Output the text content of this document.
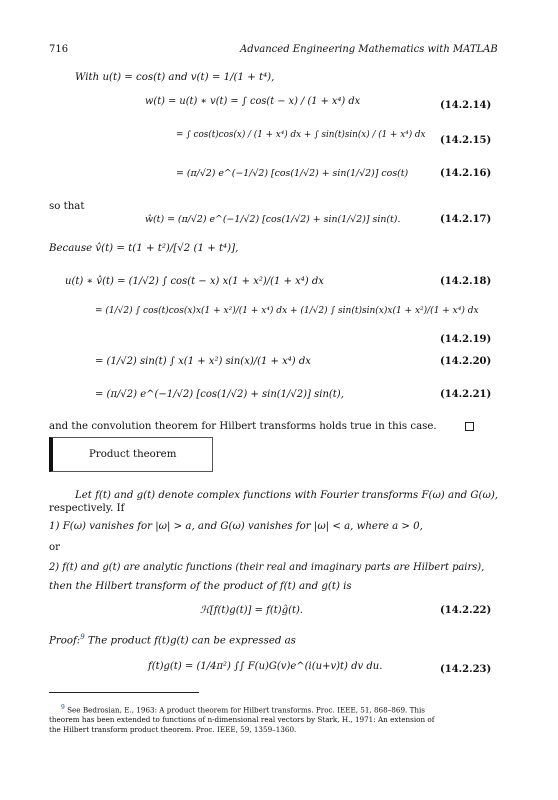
716	Advanced Engineering Mathematics with MATLAB
With u(t) = cos(t) and v(t) = 1/(1 + t⁴),
w(t) = u(t) ∗ v(t) = ∫ cos(t − x) / (1 + x⁴) dx	(14.2.14)
= ∫ cos(t)cos(x) / (1 + x⁴) dx + ∫ sin(t)sin(x) / (1 + x⁴) dx	(14.2.15)
= (π/√2) e^(−1/√2) [cos(1/√2) + sin(1/√2)] cos(t)	(14.2.16)
so that
ŵ(t) = (π/√2) e^(−1/√2) [cos(1/√2) + sin(1/√2)] sin(t).	(14.2.17)
Because v̂(t) = t(1 + t²)/[√2 (1 + t⁴)],
u(t) ∗ v̂(t) = (1/√2) ∫ cos(t − x) x(1 + x²)/(1 + x⁴) dx	(14.2.18)
= (1/√2) ∫ cos(t)cos(x)x(1 + x²)/(1 + x⁴) dx + (1/√2) ∫ sin(t)sin(x)x(1 + x²)/(1 + x⁴) dx
(14.2.19)
= (1/√2) sin(t) ∫ x(1 + x²) sin(x)/(1 + x⁴) dx	(14.2.20)
= (π/√2) e^(−1/√2) [cos(1/√2) + sin(1/√2)] sin(t),	(14.2.21)
and the convolution theorem for Hilbert transforms holds true in this case.
Product theorem
Let f(t) and g(t) denote complex functions with Fourier transforms F(ω) and G(ω),
respectively. If
1) F(ω) vanishes for |ω| > a, and G(ω) vanishes for |ω| < a, where a > 0,
or
2) f(t) and g(t) are analytic functions (their real and imaginary parts are Hilbert pairs),
then the Hilbert transform of the product of f(t) and g(t) is
ℋ[f(t)g(t)] = f(t)ĝ(t).	(14.2.22)
Proof:$^9$ The product f(t)g(t) can be expressed as
f(t)g(t) = (1/4π²) ∫∫ F(u)G(v)e^(i(u+v)t) dv du.	(14.2.23)
$^9$ See Bedrosian, E., 1963: A product theorem for Hilbert transforms. Proc. IEEE, 51, 868–869. This
theorem has been extended to functions of n-dimensional real vectors by Stark, H., 1971: An extension of
the Hilbert transform product theorem. Proc. IEEE, 59, 1359–1360.
